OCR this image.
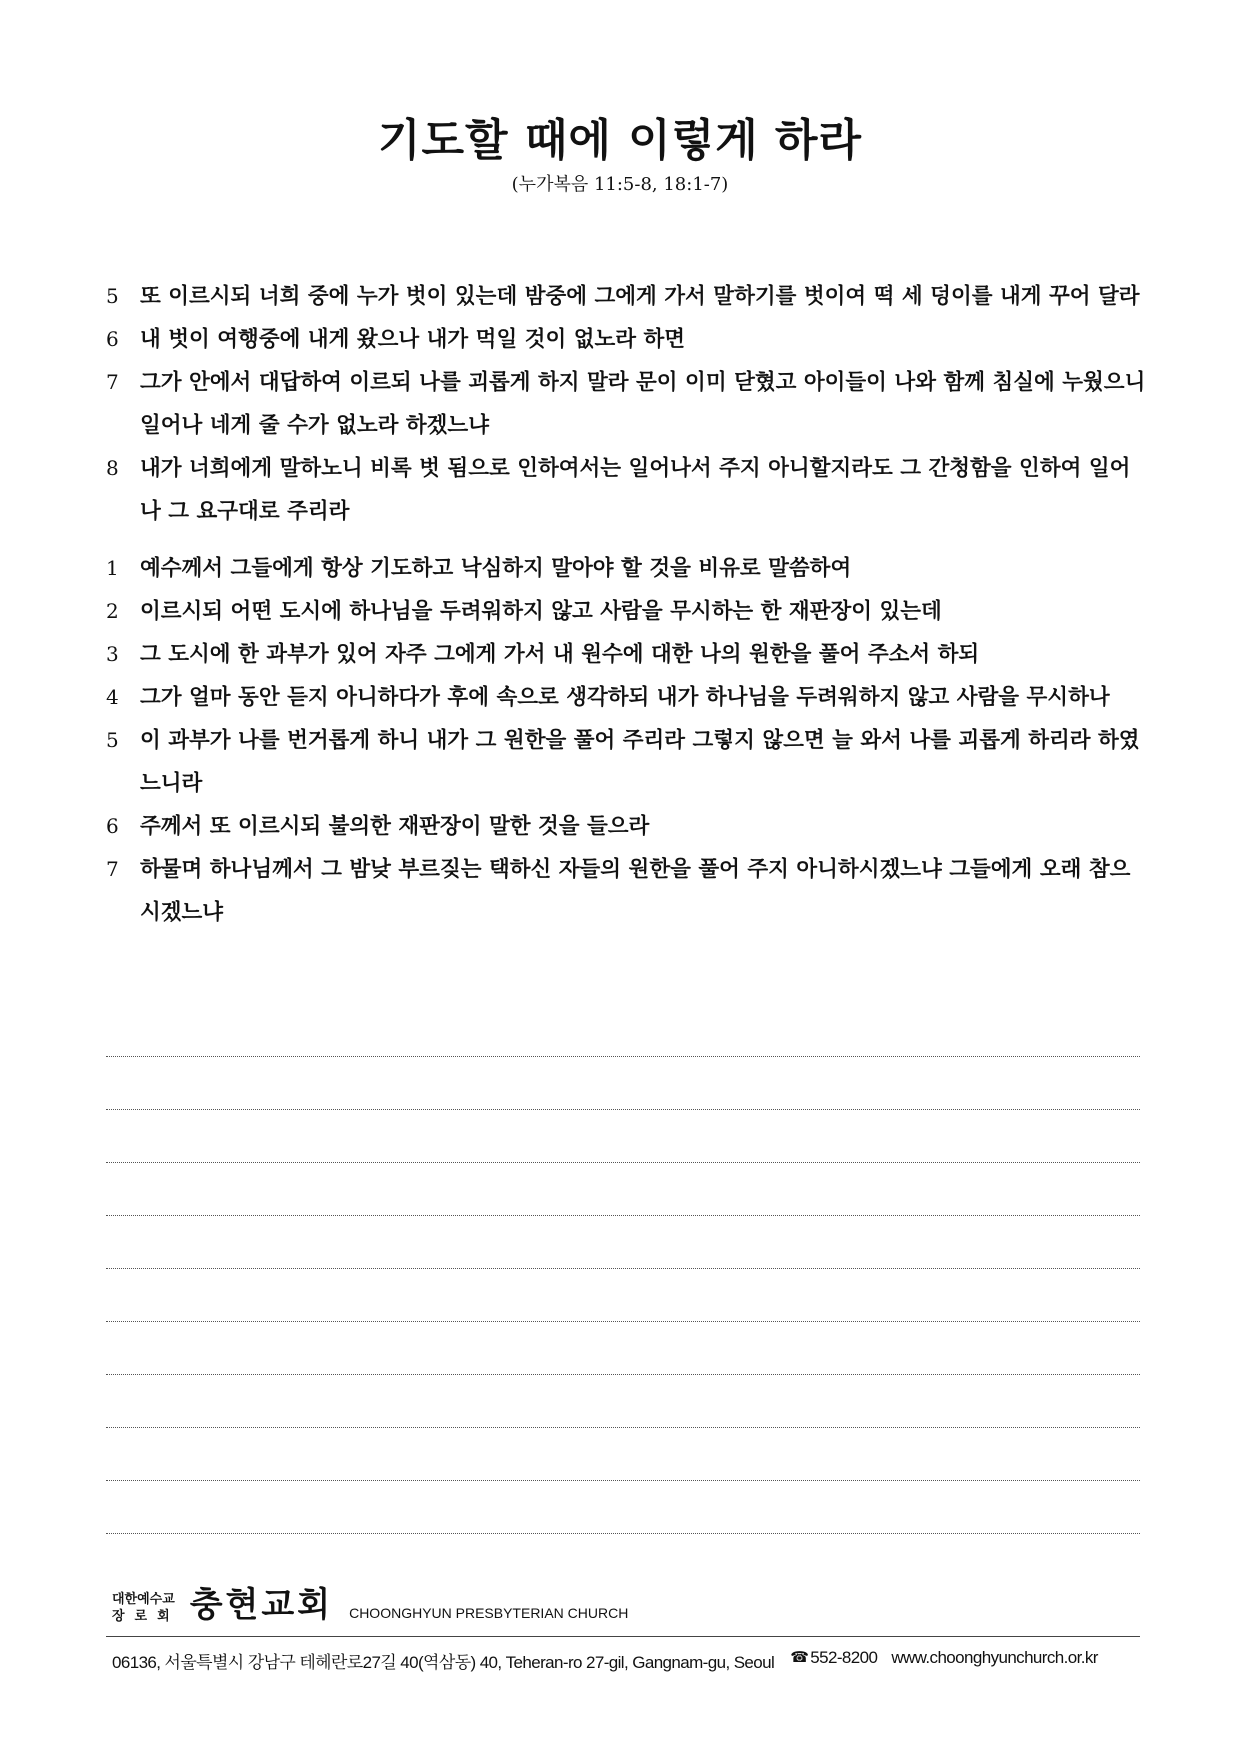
기도할 때에 이렇게 하라
(누가복음 11:5-8, 18:1-7)
5 또 이르시되 너희 중에 누가 벗이 있는데 밤중에 그에게 가서 말하기를 벗이여 떡 세 덩이를 내게 꾸어 달라
6 내 벗이 여행중에 내게 왔으나 내가 먹일 것이 없노라 하면
7 그가 안에서 대답하여 이르되 나를 괴롭게 하지 말라 문이 이미 닫혔고 아이들이 나와 함께 침실에 누웠으니 일어나 네게 줄 수가 없노라 하겠느냐
8 내가 너희에게 말하노니 비록 벗 됨으로 인하여서는 일어나서 주지 아니할지라도 그 간청함을 인하여 일어나 그 요구대로 주리라
1 예수께서 그들에게 항상 기도하고 낙심하지 말아야 할 것을 비유로 말씀하여
2 이르시되 어떤 도시에 하나님을 두려워하지 않고 사람을 무시하는 한 재판장이 있는데
3 그 도시에 한 과부가 있어 자주 그에게 가서 내 원수에 대한 나의 원한을 풀어 주소서 하되
4 그가 얼마 동안 듣지 아니하다가 후에 속으로 생각하되 내가 하나님을 두려워하지 않고 사람을 무시하나
5 이 과부가 나를 번거롭게 하니 내가 그 원한을 풀어 주리라 그렇지 않으면 늘 와서 나를 괴롭게 하리라 하였느니라
6 주께서 또 이르시되 불의한 재판장이 말한 것을 들으라
7 하물며 하나님께서 그 밤낮 부르짖는 택하신 자들의 원한을 풀어 주지 아니하시겠느냐 그들에게 오래 참으시겠느냐
대한예수교
장로회 충현교회 CHOONGHYUN PRESBYTERIAN CHURCH
06136, 서울특별시 강남구 테헤란로27길 40(역삼동) 40, Teheran-ro 27-gil, Gangnam-gu, Seoul ☎ 552-8200 www.choonghyunchurch.or.kr
